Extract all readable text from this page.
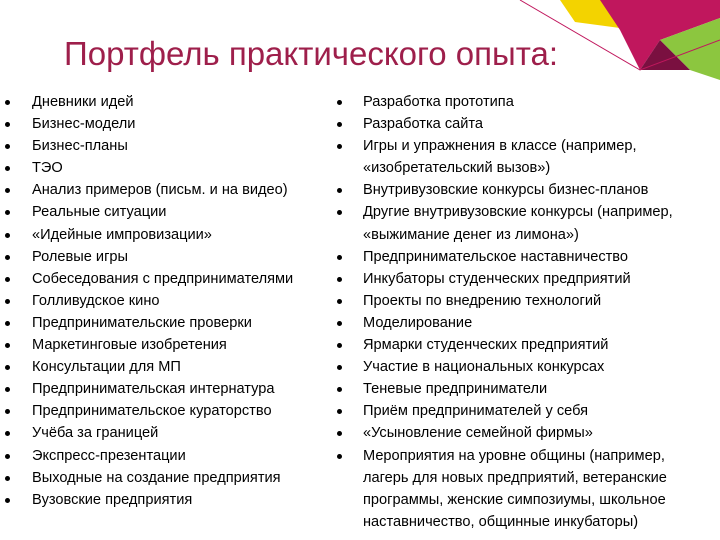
Портфель практического опыта:
Дневники идей
Бизнес-модели
Бизнес-планы
ТЭО
Анализ примеров (письм. и на видео)
Реальные ситуации
«Идейные импровизации»
Ролевые игры
Собеседования с предпринимателями
Голливудское кино
Предпринимательские проверки
Маркетинговые изобретения
Консультации для МП
Предпринимательская интернатура
Предпринимательское кураторство
Учёба за границей
Экспресс-презентации
Выходные на создание предприятия
Вузовские предприятия
Разработка прототипа
Разработка сайта
Игры и упражнения в классе (например,
«изобретательский вызов»)
Внутривузовские конкурсы бизнес-планов
Другие внутривузовские конкурсы (например,
«выжимание денег из лимона»)
Предпринимательское наставничество
Инкубаторы студенческих предприятий
Проекты по внедрению технологий
Моделирование
Ярмарки студенческих предприятий
Участие в национальных конкурсах
Теневые предприниматели
Приём предпринимателей у себя
«Усыновление семейной фирмы»
Мероприятия на уровне общины (например,
лагерь для новых предприятий, ветеранские
программы, женские симпозиумы, школьное
наставничество, общинные инкубаторы)
